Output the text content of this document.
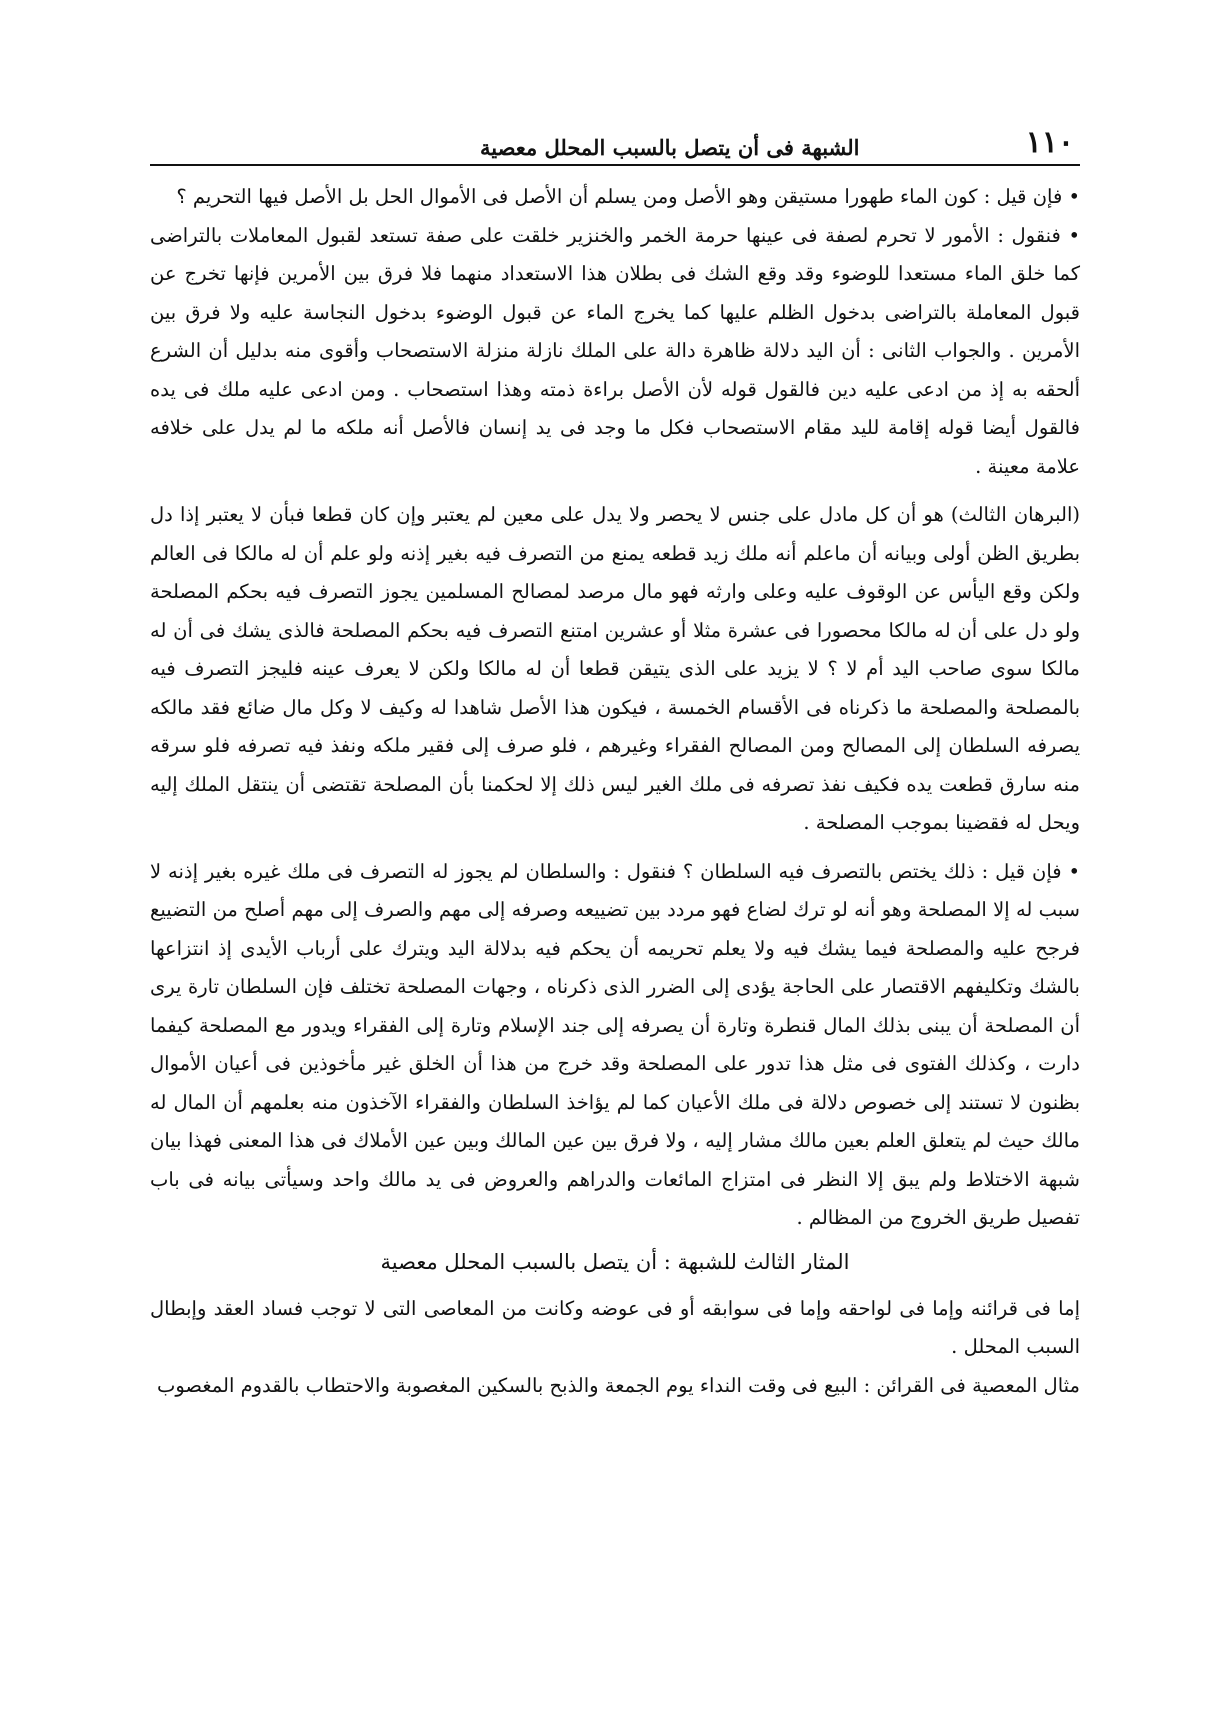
١١٠
الشبهة فى أن يتصل بالسبب المحلل معصية

• فإن قيل : كون الماء طهورا مستيقن وهو الأصل ومن يسلم أن الأصل فى الأموال الحل بل الأصل فيها التحريم ؟

• فنقول : الأمور لا تحرم لصفة فى عينها حرمة الخمر والخنزير خلقت على صفة تستعد لقبول المعاملات بالتراضى كما خلق الماء مستعدا للوضوء وقد وقع الشك فى بطلان هذا الاستعداد منهما فلا فرق بين الأمرين فإنها تخرج عن قبول المعاملة بالتراضى بدخول الظلم عليها كما يخرج الماء عن قبول الوضوء بدخول النجاسة عليه ولا فرق بين الأمرين . والجواب الثانى : أن اليد دلالة ظاهرة دالة على الملك نازلة منزلة الاستصحاب وأقوى منه بدليل أن الشرع ألحقه به إذ من ادعى عليه دين فالقول قوله لأن الأصل براءة ذمته وهذا استصحاب . ومن ادعى عليه ملك فى يده فالقول أيضا قوله إقامة لليد مقام الاستصحاب فكل ما وجد فى يد إنسان فالأصل أنه ملكه ما لم يدل على خلافه علامة معينة .

(البرهان الثالث) هو أن كل مادل على جنس لا يحصر ولا يدل على معين لم يعتبر وإن كان قطعا فبأن لا يعتبر إذا دل بطريق الظن أولى وبيانه أن ماعلم أنه ملك زيد قطعه يمنع من التصرف فيه بغير إذنه ولو علم أن له مالكا فى العالم ولكن وقع اليأس عن الوقوف عليه وعلى وارثه فهو مال مرصد لمصالح المسلمين يجوز التصرف فيه بحكم المصلحة ولو دل على أن له مالكا محصورا فى عشرة مثلا أو عشرين امتنع التصرف فيه بحكم المصلحة فالذى يشك فى أن له مالكا سوى صاحب اليد أم لا ؟ لا يزيد على الذى يتيقن قطعا أن له مالكا ولكن لا يعرف عينه فليجز التصرف فيه بالمصلحة والمصلحة ما ذكرناه فى الأقسام الخمسة ، فيكون هذا الأصل شاهدا له وكيف لا وكل مال ضائع فقد مالكه يصرفه السلطان إلى المصالح ومن المصالح الفقراء وغيرهم ، فلو صرف إلى فقير ملكه ونفذ فيه تصرفه فلو سرقه منه سارق قطعت يده فكيف نفذ تصرفه فى ملك الغير ليس ذلك إلا لحكمنا بأن المصلحة تقتضى أن ينتقل الملك إليه ويحل له فقضينا بموجب المصلحة .

• فإن قيل : ذلك يختص بالتصرف فيه السلطان ؟ فنقول : والسلطان لم يجوز له التصرف فى ملك غيره بغير إذنه لا سبب له إلا المصلحة وهو أنه لو ترك لضاع فهو مردد بين تضييعه وصرفه إلى مهم والصرف إلى مهم أصلح من التضييع فرجح عليه والمصلحة فيما يشك فيه ولا يعلم تحريمه أن يحكم فيه بدلالة اليد ويترك على أرباب الأيدى إذ انتزاعها بالشك وتكليفهم الاقتصار على الحاجة يؤدى إلى الضرر الذى ذكرناه ، وجهات المصلحة تختلف فإن السلطان تارة يرى أن المصلحة أن يبنى بذلك المال قنطرة وتارة أن يصرفه إلى جند الإسلام وتارة إلى الفقراء ويدور مع المصلحة كيفما دارت ، وكذلك الفتوى فى مثل هذا تدور على المصلحة وقد خرج من هذا أن الخلق غير مأخوذين فى أعيان الأموال بظنون لا تستند إلى خصوص دلالة فى ملك الأعيان كما لم يؤاخذ السلطان والفقراء الآخذون منه بعلمهم أن المال له مالك حيث لم يتعلق العلم بعين مالك مشار إليه ، ولا فرق بين عين المالك وبين عين الأملاك فى هذا المعنى فهذا بيان شبهة الاختلاط ولم يبق إلا النظر فى امتزاج المائعات والدراهم والعروض فى يد مالك واحد وسيأتى بيانه فى باب تفصيل طريق الخروج من المظالم .

المثار الثالث للشبهة : أن يتصل بالسبب المحلل معصية

إما فى قرائنه وإما فى لواحقه وإما فى سوابقه أو فى عوضه وكانت من المعاصى التى لا توجب فساد العقد وإبطال السبب المحلل .

مثال المعصية فى القرائن : البيع فى وقت النداء يوم الجمعة والذبح بالسكين المغصوبة والاحتطاب بالقدوم المغصوب
